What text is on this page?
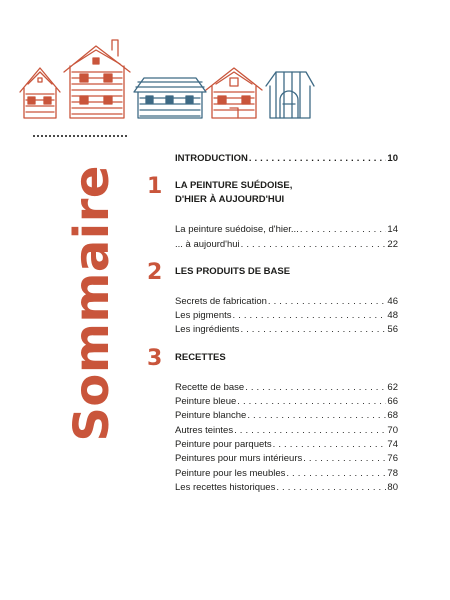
Sommaire
INTRODUCTION . . .	10
1 LA PEINTURE SUÉDOISE,
D'HIER À AUJOURD'HUI
La peinture suédoise, d'hier... . . .	14
... à aujourd'hui . . .	22
2 LES PRODUITS DE BASE
Secrets de fabrication . . .	46
Les pigments . . .	48
Les ingrédients . . .	56
3 RECETTES
Recette de base . . .	62
Peinture bleue . . .	66
Peinture blanche . . .	68
Autres teintes . . .	70
Peinture pour parquets . . .	74
Peintures pour murs intérieurs . . .	76
Peinture pour les meubles . . .	78
Les recettes historiques . . .	80
